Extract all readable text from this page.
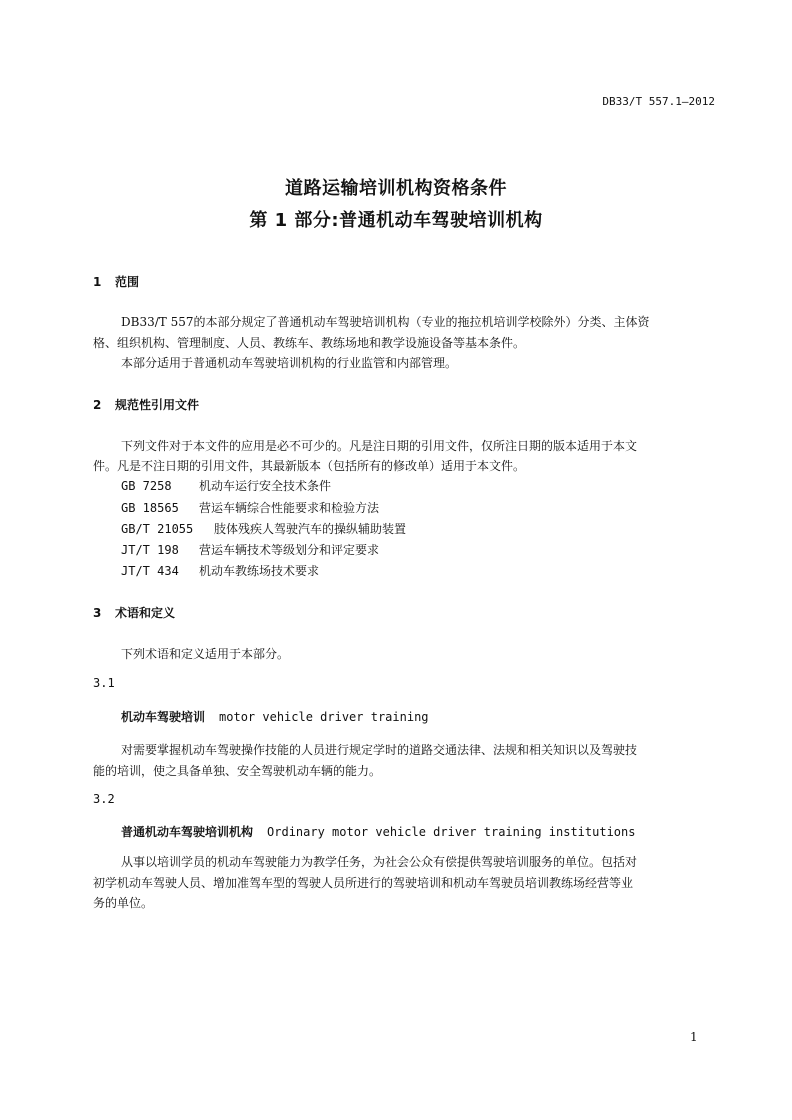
DB33/T 557.1—2012
道路运输培训机构资格条件
第 1 部分:普通机动车驾驶培训机构
1 范围
DB33/T 557的本部分规定了普通机动车驾驶培训机构（专业的拖拉机培训学校除外）分类、主体资
格、组织机构、管理制度、人员、教练车、教练场地和教学设施设备等基本条件。
本部分适用于普通机动车驾驶培训机构的行业监管和内部管理。
2 规范性引用文件
下列文件对于本文件的应用是必不可少的。凡是注日期的引用文件，仅所注日期的版本适用于本文
件。凡是不注日期的引用文件，其最新版本（包括所有的修改单）适用于本文件。
GB 7258 机动车运行安全技术条件
GB 18565 营运车辆综合性能要求和检验方法
GB/T 21055 肢体残疾人驾驶汽车的操纵辅助装置
JT/T 198 营运车辆技术等级划分和评定要求
JT/T 434 机动车教练场技术要求
3 术语和定义
下列术语和定义适用于本部分。
3.1
机动车驾驶培训 motor vehicle driver training
对需要掌握机动车驾驶操作技能的人员进行规定学时的道路交通法律、法规和相关知识以及驾驶技
能的培训，使之具备单独、安全驾驶机动车辆的能力。
3.2
普通机动车驾驶培训机构 Ordinary motor vehicle driver training institutions
从事以培训学员的机动车驾驶能力为教学任务，为社会公众有偿提供驾驶培训服务的单位。包括对
初学机动车驾驶人员、增加准驾车型的驾驶人员所进行的驾驶培训和机动车驾驶员培训教练场经营等业
务的单位。
1
